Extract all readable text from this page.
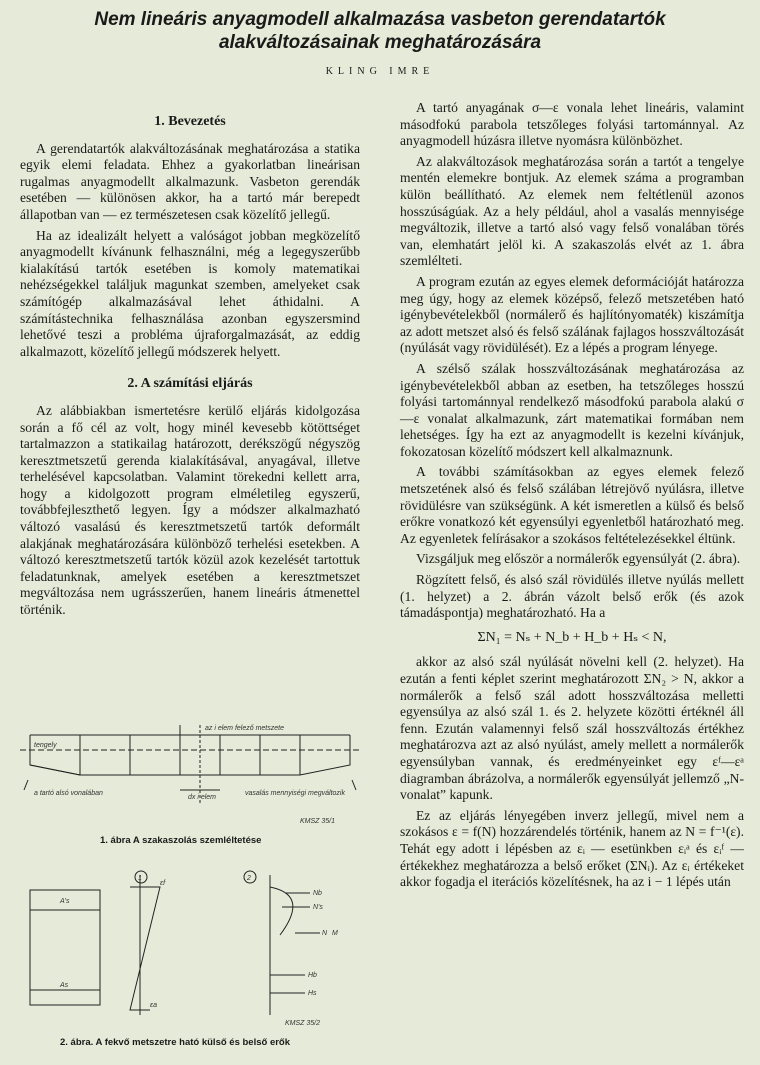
Nem lineáris anyagmodell alkalmazása vasbeton gerendatartók
alakváltozásainak meghatározására
KLING IMRE
1. Bevezetés

A gerendatartók alakváltozásának meghatározása a statika egyik elemi feladata. Ehhez a gyakorlatban lineárisan rugalmas anyagmodellt alkalmazunk. Vasbeton gerendák esetében — különösen akkor, ha a tartó már berepedt állapotban van — ez természetesen csak közelítő jellegű.

Ha az idealizált helyett a valóságot jobban megközelítő anyagmodellt kívánunk felhasználni, még a legegyszerűbb kialakítású tartók esetében is komoly matematikai nehézségekkel találjuk magunkat szemben, amelyeket csak számítógép alkalmazásával lehet áthidalni. A számítástechnika felhasználása azonban egyszersmind lehetővé teszi a probléma újraforgalmazását, az eddig alkalmazott, közelítő jellegű módszerek helyett.

2. A számítási eljárás

Az alábbiakban ismertetésre kerülő eljárás kidolgozása során a fő cél az volt, hogy minél kevesebb kötöttséget tartalmazzon a statikailag határozott, derékszögű négyszög keresztmetszetű gerenda kialakításával, anyagával, illetve terhelésével kapcsolatban. Valamint törekedni kellett arra, hogy a kidolgozott program elméletileg egyszerű, továbbfejleszthető legyen. Így a módszer alkalmazható változó vasalású és keresztmetszetű tartók deformált alakjának meghatározására különböző terhelési esetekben. A változó keresztmetszetű tartók közül azok kezelését tartottuk feladatunknak, amelyek esetében a keresztmetszet megváltozása nem ugrásszerűen, hanem lineáris átmenettel történik.

az i elem felező metszete
tengely
dx i elem
a tartó alsó vonalában	vasalás mennyiségi megváltozik
KMSZ 35/1
1. ábra A szakaszolás szemléltetése
1	2
εf
εa
A's
As
Nb
N's
Hb
Hs
N M
KMSZ 35/2
2. ábra. A fekvő metszetre ható külső és belső erők

A tartó anyagának σ—ε vonala lehet lineáris, valamint másodfokú parabola tetszőleges folyási tartománnyal. Az anyagmodell húzásra illetve nyomásra különbözhet.

Az alakváltozások meghatározása során a tartót a tengelye mentén elemekre bontjuk. Az elemek száma a programban külön beállítható. Az elemek nem feltétlenül azonos hosszúságúak. Az a hely például, ahol a vasalás mennyisége megváltozik, illetve a tartó alsó vagy felső vonalában törés van, elemhatárt jelöl ki. A szakaszolás elvét az 1. ábra szemlélteti.

A program ezután az egyes elemek deformációját határozza meg úgy, hogy az elemek középső, felező metszetében ható igénybevételekből (normálerő és hajlítónyomaték) kiszámítja az adott metszet alsó és felső szálának fajlagos hosszváltozását (nyúlását vagy rövidülését). Ez a lépés a program lényege.

A szélső szálak hosszváltozásának meghatározása az igénybevételekből abban az esetben, ha tetszőleges hosszú folyási tartománnyal rendelkező másodfokú parabola alakú σ—ε vonalat alkalmazunk, zárt matematikai formában nem lehetséges. Így ha ezt az anyagmodellt is kezelni kívánjuk, fokozatosan közelítő módszert kell alkalmaznunk.

A további számításokban az egyes elemek felező metszetének alsó és felső szálában létrejövő nyúlásra, illetve rövidülésre van szükségünk. A két ismeretlen a külső és belső erőkre vonatkozó két egyensúlyi egyenletből határozható meg. Az egyenletek felírásakor a szokásos feltételezésekkel éltünk.

Vizsgáljuk meg először a normálerők egyensúlyát (2. ábra).

Rögzített felső, és alsó szál rövidülés illetve nyúlás mellett (1. helyzet) a 2. ábrán vázolt belső erők (és azok támadáspontja) meghatározható. Ha a

ΣN₁ = Nₛ + N_b + H_b + Hₛ < N,

akkor az alsó szál nyúlását növelni kell (2. helyzet). Ha ezután a fenti képlet szerint meghatározott ΣN₂ > N, akkor a normálerők a felső szál adott hosszváltozása melletti egyensúlya az alsó szál 1. és 2. helyzete közötti értéknél áll fenn. Ezután valamennyi felső szál hosszváltozás értékhez meghatározva azt az alsó nyúlást, amely mellett a normálerők egyensúlyban vannak, és eredményeinket egy εᶠ—εᵃ diagramban ábrázolva, a normálerők egyensúlyát jellemző „N-vonalat” kapunk.

Ez az eljárás lényegében inverz jellegű, mivel nem a szokásos ε = f(N) hozzárendelés történik, hanem az N = f⁻¹(ε). Tehát egy adott i lépésben az εᵢ — esetünkben εᵢᵃ és εᵢᶠ — értékekhez meghatározza a belső erőket (ΣNᵢ). Az εᵢ értékeket akkor fogadja el iterációs közelítésnek, ha az i − 1 lépés után
